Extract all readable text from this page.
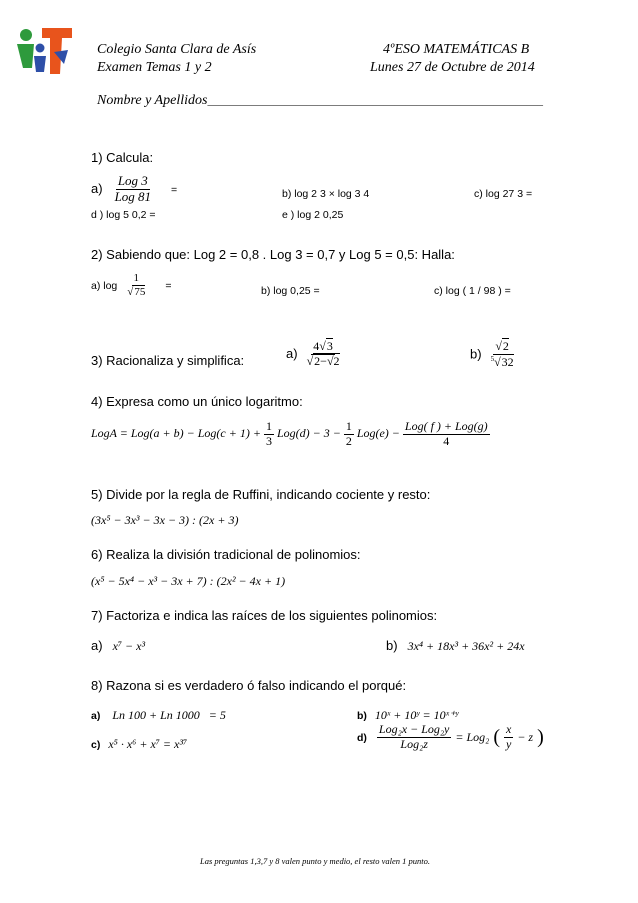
Colegio Santa Clara de Asís
Examen Temas 1 y 2
4ºESO MATEMÁTICAS B
Lunes 27 de Octubre de 2014
Nombre y Apellidos_____________________________________________________________
1) Calcula:
$a) \frac{\text{Log 3}}{\text{Log 81}}$ =	b) log 2 3 × log 3 4	c) log 27 3 =
d ) log 5 0,2 =	e ) log 2 0,25
2) Sabiendo que: Log 2 = 0,8 . Log 3 = 0,7 y Log 5 = 0,5: Halla:
a) $\log \frac{1}{√75}$ =	b) log 0,25 =	c) log ( 1 / 98 ) =
3) Racionaliza y simplifica:	$a) \frac{4√3}{√2-√2}$	$b) \frac{√2}{^5√32}$
4) Expresa como un único logaritmo:
LogA = $Log(a + b) - Log(c + 1) + \frac{1}{3} Log(d) - 3 - \frac{1}{2} Log(e) - \frac{\text{Log( f ) + Log(g)}}{4}$
5) Divide por la regla de Ruffini, indicando cociente y resto:
(3x⁵ − 3x³ − 3x − 3) : (2x + 3)
6) Realiza la división tradicional de polinomios:
(x⁵ − 5x⁴ − x³ − 3x + 7) : (2x² − 4x + 1)
7) Factoriza e indica las raíces de los siguientes polinomios:
a) x⁷ − x³	b) 3x⁴ + 18x³ + 36x² + 24x
8) Razona si es verdadero ó falso indicando el porqué:
a) Ln 100 + Ln 1000   = 5	b) 10ˣ + 10ʸ = 10ˣ⁺ʸ
c) x⁵ · x⁶ + x⁷ = x³⁷	$d) \frac{\text{Log₂x − Log₂y}}{\text{Log₂z}} = Log_2$ ( $\frac{x}{y} - z$ )
Las preguntas 1,3,7 y 8 valen punto y medio, el resto valen 1 punto.
